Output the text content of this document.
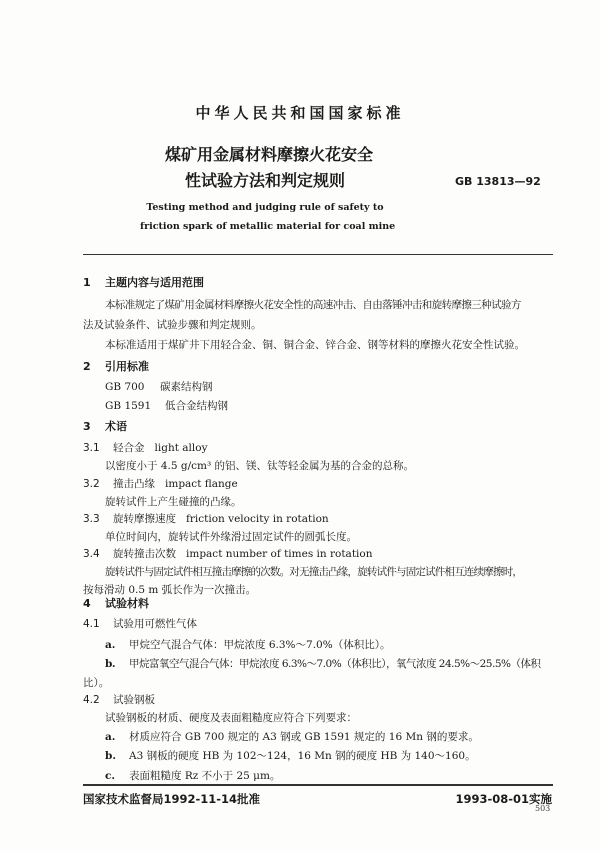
中华人民共和国国家标准
煤矿用金属材料摩擦火花安全
性试验方法和判定规则	GB 13813—92
Testing method and judging rule of safety to
friction spark of metallic material for coal mine
1 主题内容与适用范围
本标准规定了煤矿用金属材料摩擦火花安全性的高速冲击、自由落锤冲击和旋转摩擦三种试验方
法及试验条件、试验步骤和判定规则。
本标准适用于煤矿井下用轻合金、铜、铜合金、锌合金、钢等材料的摩擦火花安全性试验。
2 引用标准
GB 700 碳素结构钢
GB 1591 低合金结构钢
3 术语
3.1 轻合金 light alloy
以密度小于 4.5 g/cm³ 的铝、镁、钛等轻金属为基的合金的总称。
3.2 撞击凸缘 impact flange
旋转试件上产生碰撞的凸缘。
3.3 旋转摩擦速度 friction velocity in rotation
单位时间内，旋转试件外缘滑过固定试件的圆弧长度。
3.4 旋转撞击次数 impact number of times in rotation
旋转试件与固定试件相互撞击摩擦的次数。对无撞击凸缘，旋转试件与固定试件相互连续摩擦时，
按每滑动 0.5 m 弧长作为一次撞击。
4 试验材料
4.1 试验用可燃性气体
a. 甲烷空气混合气体：甲烷浓度 6.3%～7.0%（体积比）。
b. 甲烷富氧空气混合气体：甲烷浓度 6.3%～7.0%（体积比），氧气浓度 24.5%～25.5%（体积
比）。
4.2 试验钢板
试验钢板的材质、硬度及表面粗糙度应符合下列要求：
a. 材质应符合 GB 700 规定的 A3 钢或 GB 1591 规定的 16 Mn 钢的要求。
b. A3 钢板的硬度 HB 为 102～124，16 Mn 钢的硬度 HB 为 140～160。
c. 表面粗糙度 Rz 不小于 25 μm。
国家技术监督局1992-11-14批准	1993-08-01实施
503
